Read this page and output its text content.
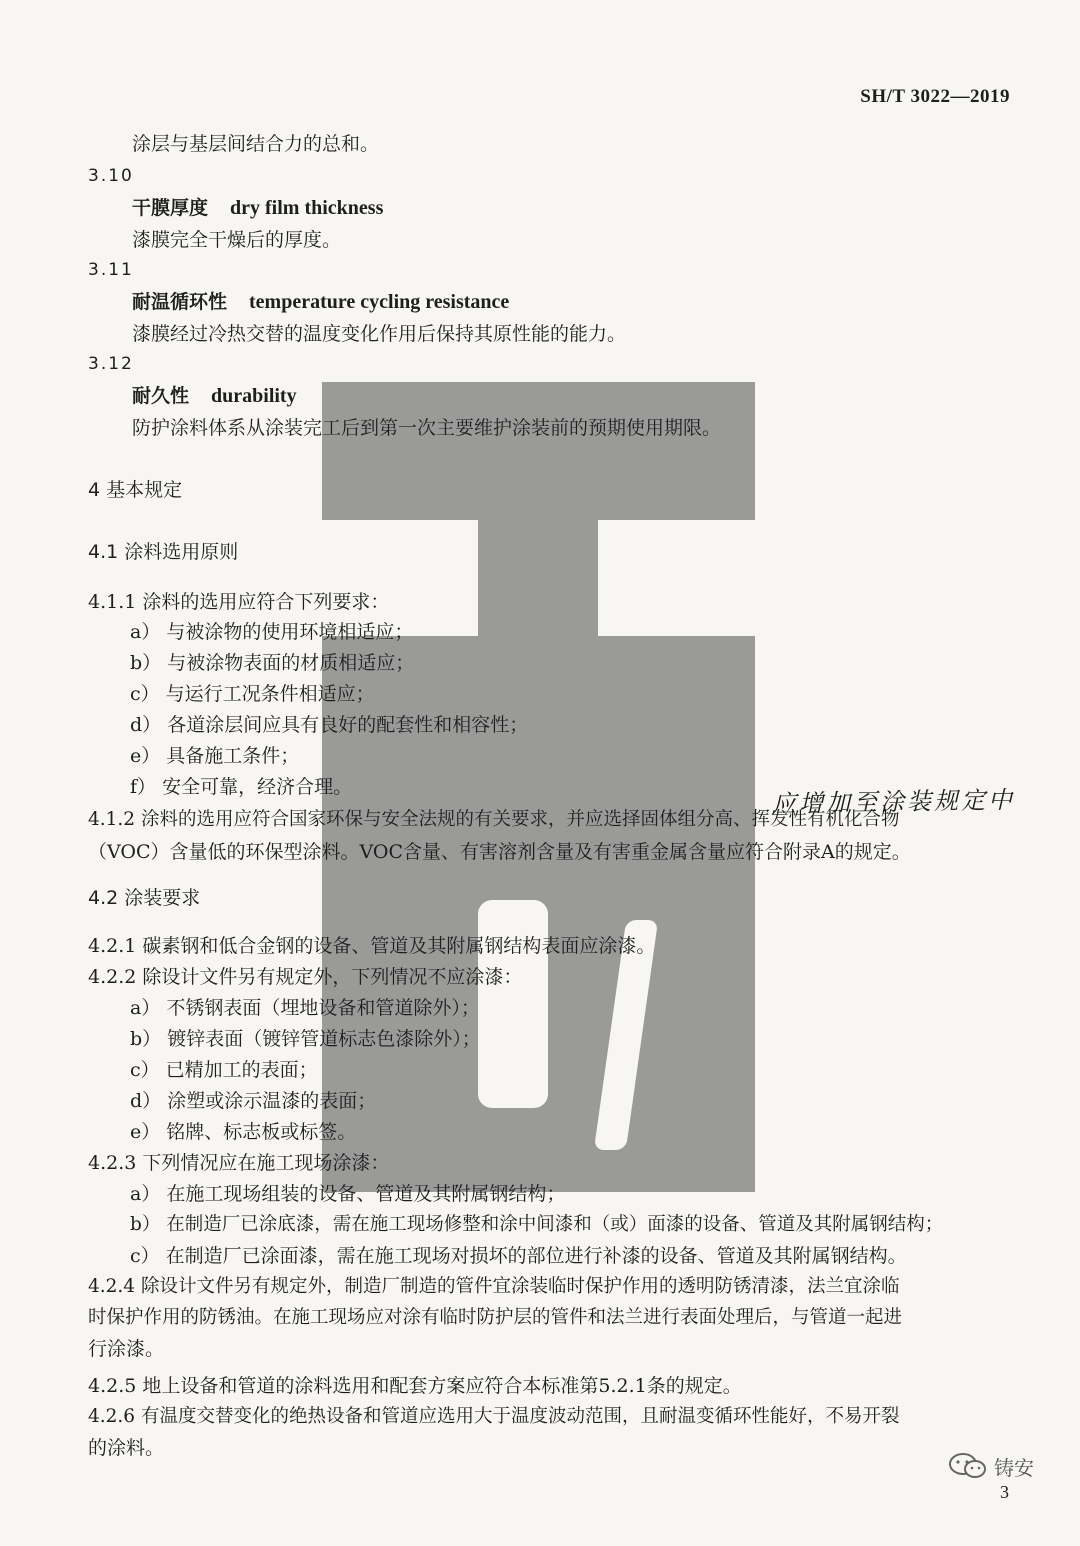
SH/T 3022—2019
涂层与基层间结合力的总和。
3.10
干膜厚度 dry film thickness
漆膜完全干燥后的厚度。
3.11
耐温循环性 temperature cycling resistance
漆膜经过冷热交替的温度变化作用后保持其原性能的能力。
3.12
耐久性 durability
防护涂料体系从涂装完工后到第一次主要维护涂装前的预期使用期限。
4 基本规定
4.1 涂料选用原则
4.1.1 涂料的选用应符合下列要求：
a） 与被涂物的使用环境相适应；
b） 与被涂物表面的材质相适应；
c） 与运行工况条件相适应；
d） 各道涂层间应具有良好的配套性和相容性；
e） 具备施工条件；
f） 安全可靠，经济合理。
4.1.2 涂料的选用应符合国家环保与安全法规的有关要求，并应选择固体组分高、挥发性有机化合物
（VOC）含量低的环保型涂料。VOC含量、有害溶剂含量及有害重金属含量应符合附录A的规定。
4.2 涂装要求
4.2.1 碳素钢和低合金钢的设备、管道及其附属钢结构表面应涂漆。
4.2.2 除设计文件另有规定外，下列情况不应涂漆：
a） 不锈钢表面（埋地设备和管道除外）；
b） 镀锌表面（镀锌管道标志色漆除外）；
c） 已精加工的表面；
d） 涂塑或涂示温漆的表面；
e） 铭牌、标志板或标签。
4.2.3 下列情况应在施工现场涂漆：
a） 在施工现场组装的设备、管道及其附属钢结构；
b） 在制造厂已涂底漆，需在施工现场修整和涂中间漆和（或）面漆的设备、管道及其附属钢结构；
c） 在制造厂已涂面漆，需在施工现场对损坏的部位进行补漆的设备、管道及其附属钢结构。
4.2.4 除设计文件另有规定外，制造厂制造的管件宜涂装临时保护作用的透明防锈清漆，法兰宜涂临
时保护作用的防锈油。在施工现场应对涂有临时防护层的管件和法兰进行表面处理后，与管道一起进
行涂漆。
4.2.5 地上设备和管道的涂料选用和配套方案应符合本标准第5.2.1条的规定。
4.2.6 有温度交替变化的绝热设备和管道应选用大于温度波动范围，且耐温变循环性能好，不易开裂
的涂料。
应增加至涂装规定中
铸安
3
